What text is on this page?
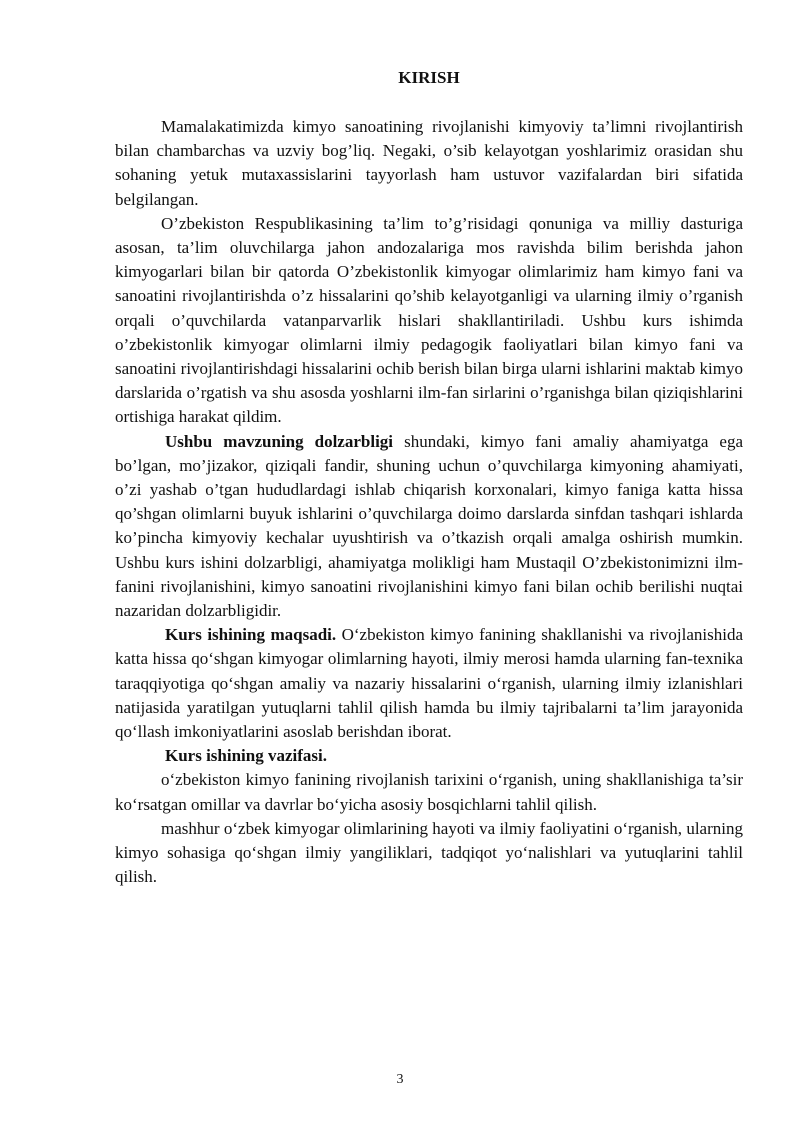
KIRISH

Mamalakatimizda kimyo sanoatining rivojlanishi kimyoviy ta’limni rivojlantirish bilan chambarchas va uzviy bog’liq. Negaki, o’sib kelayotgan yoshlarimiz orasidan shu sohaning yetuk mutaxassislarini tayyorlash ham ustuvor vazifalardan biri sifatida belgilangan.

O’zbekiston Respublikasining ta’lim to’g’risidagi qonuniga va milliy dasturiga asosan, ta’lim oluvchilarga jahon andozalariga mos ravishda bilim berishda jahon kimyogarlari bilan bir qatorda O’zbekistonlik kimyogar olimlarimiz ham kimyo fani va sanoatini rivojlantirishda o’z hissalarini qo’shib kelayotganligi va ularning ilmiy o’rganish orqali o’quvchilarda vatanparvarlik hislari shakllantiriladi. Ushbu kurs ishimda o’zbekistonlik kimyogar olimlarni ilmiy pedagogik faoliyatlari bilan kimyo fani va sanoatini rivojlantirishdagi hissalarini ochib berish bilan birga ularni ishlarini maktab kimyo darslarida o’rgatish va shu asosda yoshlarni ilm-fan sirlarini o’rganishga bilan qiziqishlarini ortishiga harakat qildim.

Ushbu mavzuning dolzarbligi shundaki, kimyo fani amaliy ahamiyatga ega bo’lgan, mo’jizakor, qiziqali fandir, shuning uchun o’quvchilarga kimyoning ahamiyati, o’zi yashab o’tgan hududlardagi ishlab chiqarish korxonalari, kimyo faniga katta hissa qo’shgan olimlarni buyuk ishlarini o’quvchilarga doimo darslarda sinfdan tashqari ishlarda ko’pincha kimyoviy kechalar uyushtirish va o’tkazish orqali amalga oshirish mumkin. Ushbu kurs ishini dolzarbligi, ahamiyatga molikligi ham Mustaqil O’zbekistonimizni ilm-fanini rivojlanishini, kimyo sanoatini rivojlanishini kimyo fani bilan ochib berilishi nuqtai nazaridan dolzarbligidir.

Kurs ishining maqsadi. O‘zbekiston kimyo fanining shakllanishi va rivojlanishida katta hissa qo‘shgan kimyogar olimlarning hayoti, ilmiy merosi hamda ularning fan-texnika taraqqiyotiga qo‘shgan amaliy va nazariy hissalarini o‘rganish, ularning ilmiy izlanishlari natijasida yaratilgan yutuqlarni tahlil qilish hamda bu ilmiy tajribalarni ta’lim jarayonida qo‘llash imkoniyatlarini asoslab berishdan iborat.

Kurs ishining vazifasi.

o‘zbekiston kimyo fanining rivojlanish tarixini o‘rganish, uning shakllanishiga ta’sir ko‘rsatgan omillar va davrlar bo‘yicha asosiy bosqichlarni tahlil qilish.

mashhur o‘zbek kimyogar olimlarining hayoti va ilmiy faoliyatini o‘rganish, ularning kimyo sohasiga qo‘shgan ilmiy yangiliklari, tadqiqot yo‘nalishlari va yutuqlarini tahlil qilish.

3
